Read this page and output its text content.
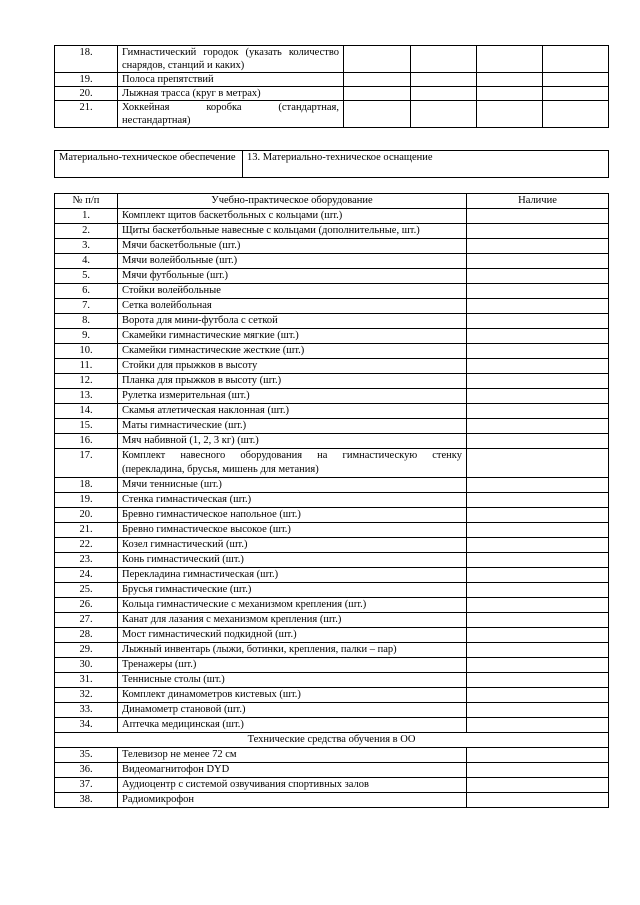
18.	Гимнастический городок (указать количество снарядов, станций и каких)				
19.	Полоса препятствий				
20.	Лыжная трасса (круг в метрах)				
21.	Хоккейная коробка (стандартная, нестандартная)				
Материально-техническое обеспечение	13. Материально-техническое оснащение
№ п/п	Учебно-практическое оборудование	Наличие
1.	Комплект щитов баскетбольных с кольцами (шт.)	
2.	Щиты баскетбольные навесные с кольцами (дополнительные, шт.)	
3.	Мячи баскетбольные (шт.)	
4.	Мячи волейбольные (шт.)	
5.	Мячи футбольные (шт.)	
6.	Стойки волейбольные	
7.	Сетка волейбольная	
8.	Ворота для мини-футбола с сеткой	
9.	Скамейки гимнастические мягкие (шт.)	
10.	Скамейки гимнастические жесткие (шт.)	
11.	Стойки для прыжков в высоту	
12.	Планка для прыжков в высоту (шт.)	
13.	Рулетка измерительная (шт.)	
14.	Скамья атлетическая наклонная (шт.)	
15.	Маты гимнастические (шт.)	
16.	Мяч набивной (1, 2, 3 кг) (шт.)	
17.	Комплект навесного оборудования на гимнастическую стенку (перекладина, брусья, мишень для метания)	
18.	Мячи теннисные (шт.)	
19.	Стенка гимнастическая (шт.)	
20.	Бревно гимнастическое напольное (шт.)	
21.	Бревно гимнастическое высокое (шт.)	
22.	Козел гимнастический (шт.)	
23.	Конь гимнастический (шт.)	
24.	Перекладина гимнастическая (шт.)	
25.	Брусья гимнастические (шт.)	
26.	Кольца гимнастические с механизмом крепления (шт.)	
27.	Канат для лазания с механизмом крепления (шт.)	
28.	Мост гимнастический подкидной (шт.)	
29.	Лыжный инвентарь (лыжи, ботинки, крепления, палки – пар)	
30.	Тренажеры (шт.)	
31.	Теннисные столы (шт.)	
32.	Комплект динамометров кистевых (шт.)	
33.	Динамометр становой (шт.)	
34.	Аптечка медицинская (шт.)	
Технические средства обучения в ОО		
35.	Телевизор не менее 72 см	
36.	Видеомагнитофон DYD	
37.	Аудиоцентр с системой озвучивания спортивных залов	
38.	Радиомикрофон	
